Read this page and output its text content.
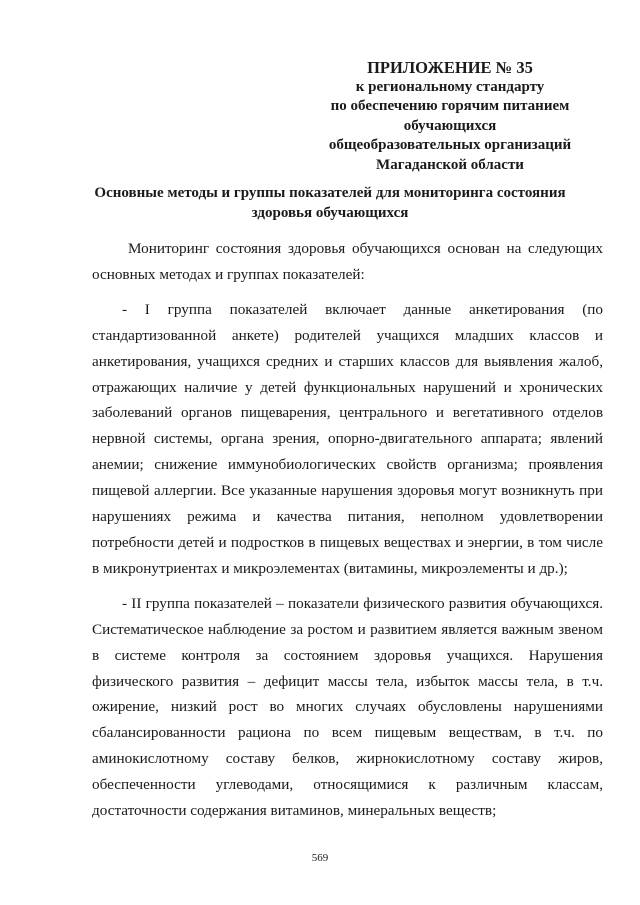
ПРИЛОЖЕНИЕ № 35
к региональному стандарту
по обеспечению горячим питанием
обучающихся
общеобразовательных организаций
Магаданской области
Основные методы и группы показателей для мониторинга состояния
здоровья обучающихся

Мониторинг состояния здоровья обучающихся основан на следующих основных методах и группах показателей:

- I группа показателей включает данные анкетирования (по стандартизованной анкете) родителей учащихся младших классов и анкетирования, учащихся средних и старших классов для выявления жалоб, отражающих наличие у детей функциональных нарушений и хронических заболеваний органов пищеварения, центрального и вегетативного отделов нервной системы, органа зрения, опорно-двигательного аппарата; явлений анемии; снижение иммунобиологических свойств организма; проявления пищевой аллергии. Все указанные нарушения здоровья могут возникнуть при нарушениях режима и качества питания, неполном удовлетворении потребности детей и подростков в пищевых веществах и энергии, в том числе в микронутриентах и микроэлементах (витамины, микроэлементы и др.);

- II группа показателей – показатели физического развития обучающихся. Систематическое наблюдение за ростом и развитием является важным звеном в системе контроля за состоянием здоровья учащихся. Нарушения физического развития – дефицит массы тела, избыток массы тела, в т.ч. ожирение, низкий рост во многих случаях обусловлены нарушениями сбалансированности рациона по всем пищевым веществам, в т.ч. по аминокислотному составу белков, жирнокислотному составу жиров, обеспеченности углеводами, относящимися к различным классам, достаточности содержания витаминов, минеральных веществ;

569
